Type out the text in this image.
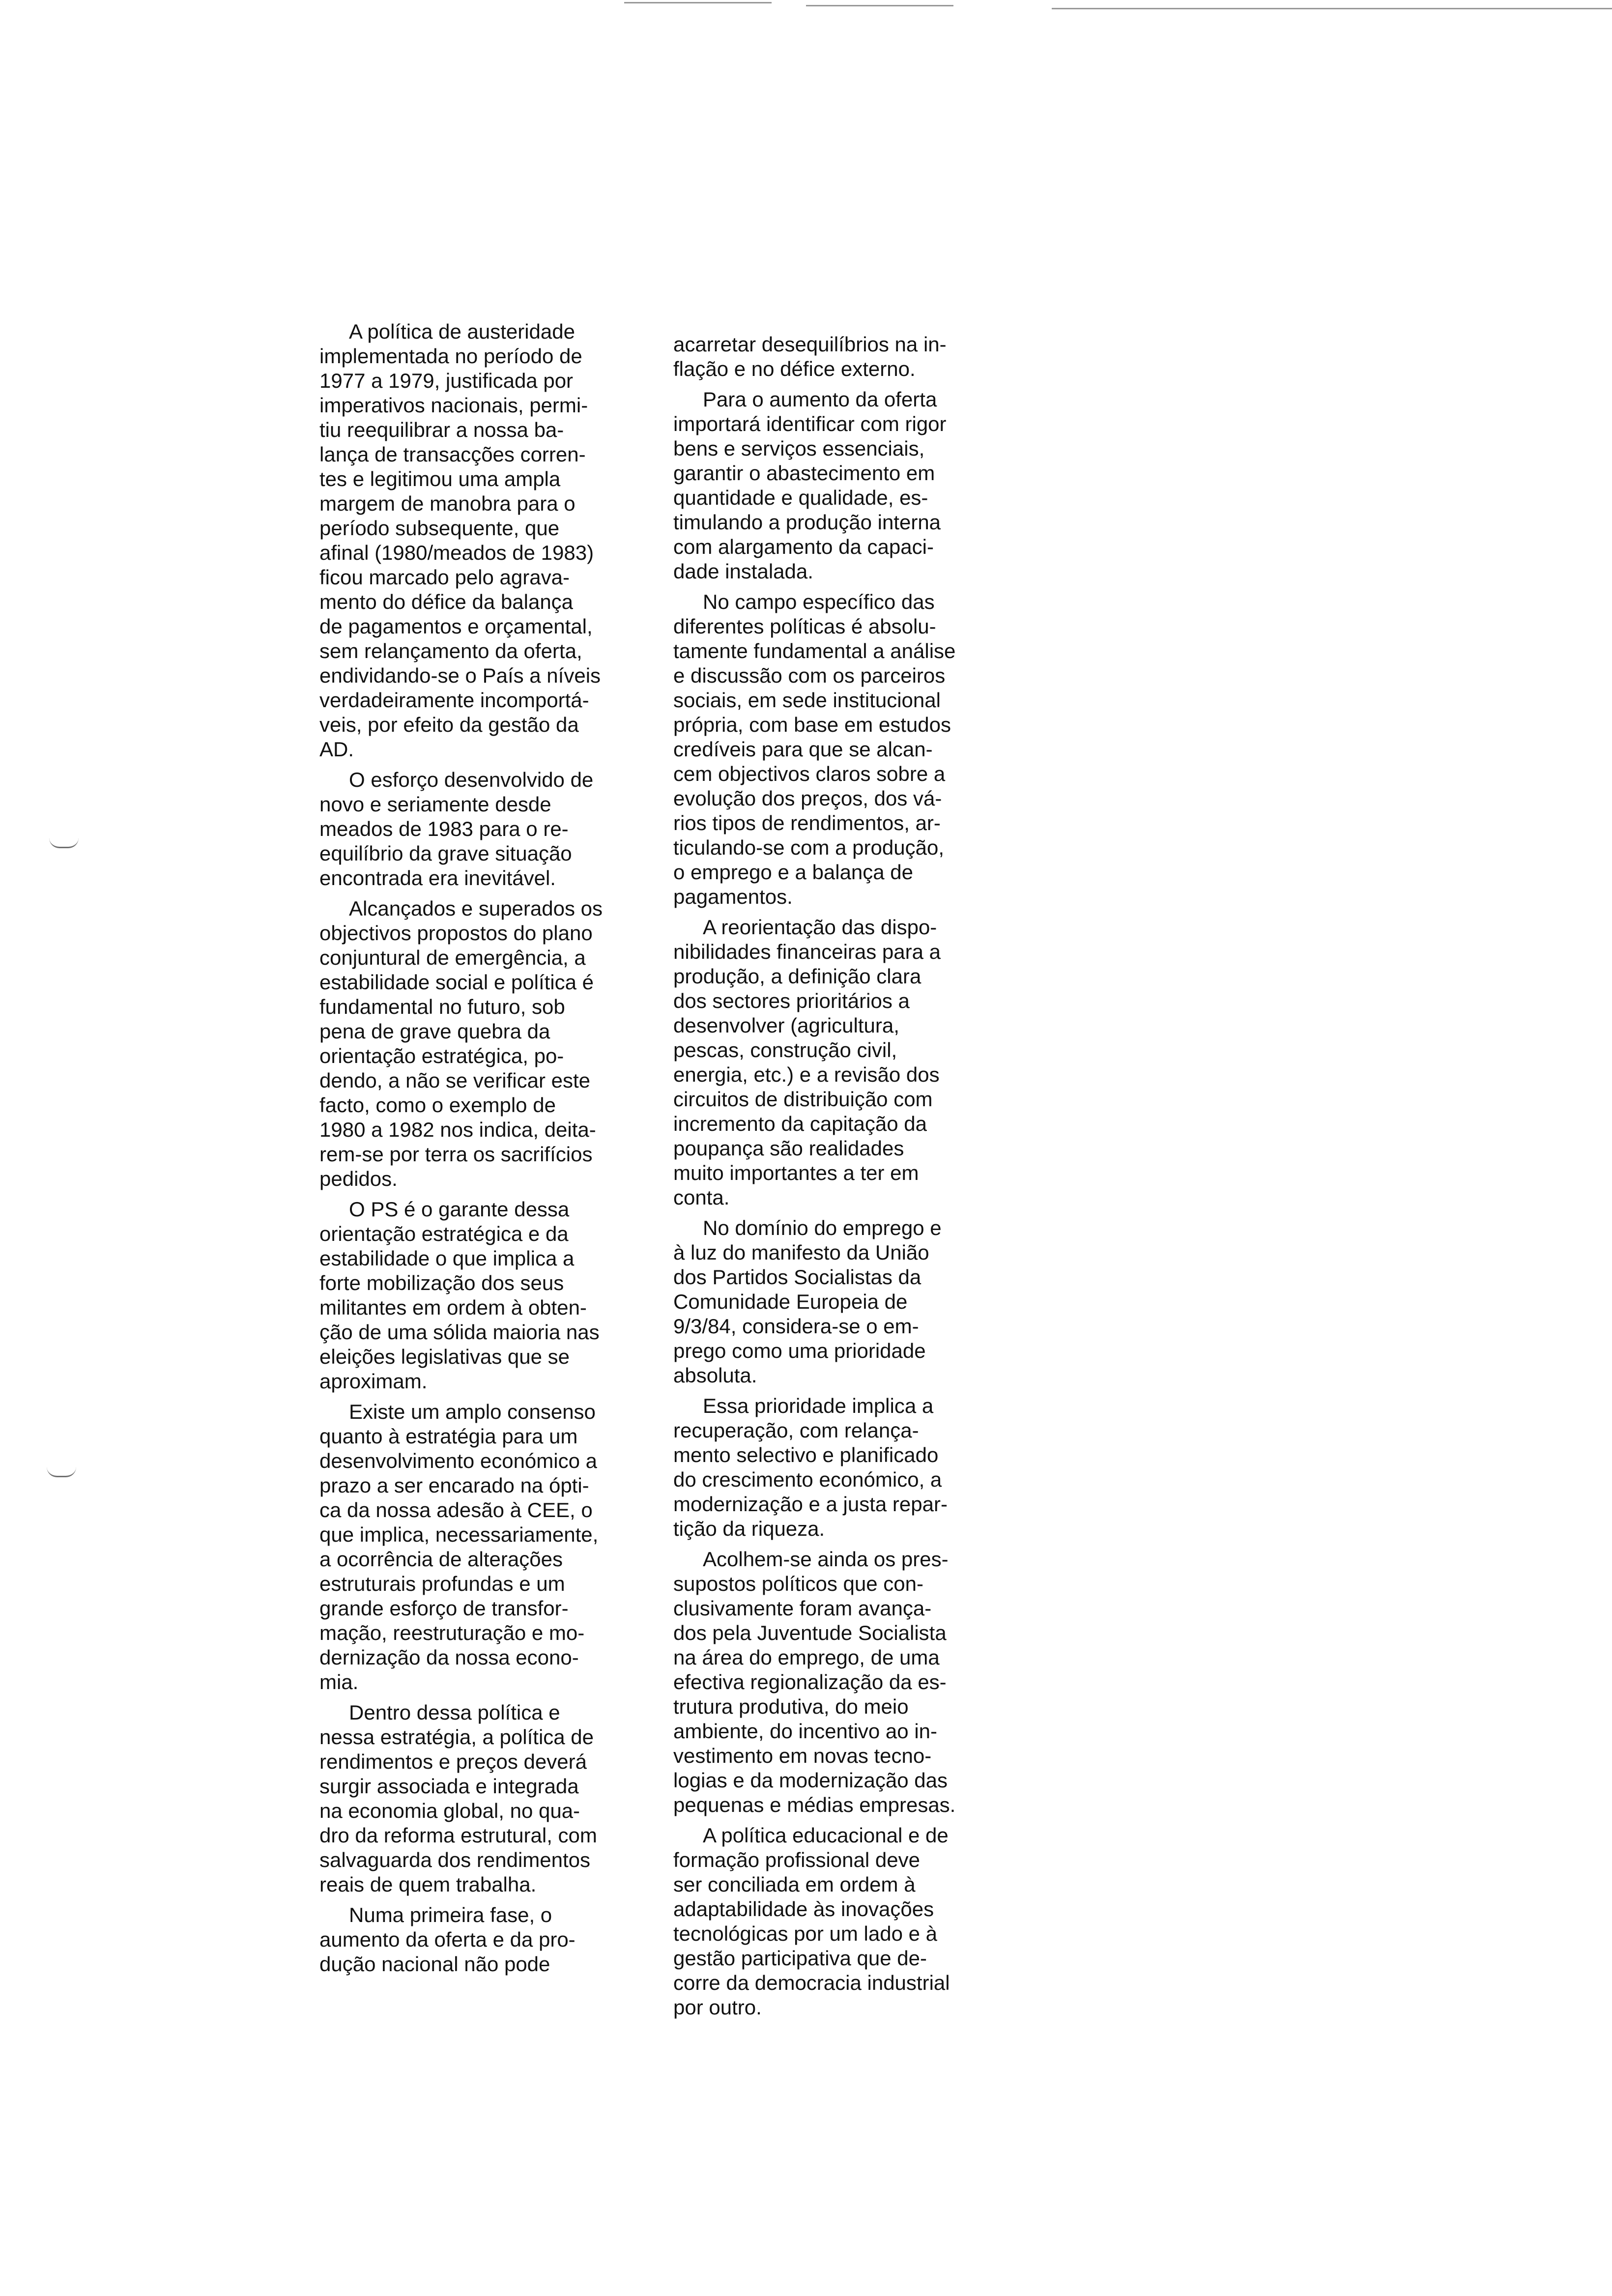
A política de austeridade
implementada no período de
1977 a 1979, justificada por
imperativos nacionais, permi-
tiu reequilibrar a nossa ba-
lança de transacções corren-
tes e legitimou uma ampla
margem de manobra para o
período subsequente, que
afinal (1980/meados de 1983)
ficou marcado pelo agrava-
mento do défice da balança
de pagamentos e orçamental,
sem relançamento da oferta,
endividando-se o País a níveis
verdadeiramente incomportá-
veis, por efeito da gestão da
AD.

O esforço desenvolvido de
novo e seriamente desde
meados de 1983 para o re-
equilíbrio da grave situação
encontrada era inevitável.

Alcançados e superados os
objectivos propostos do plano
conjuntural de emergência, a
estabilidade social e política é
fundamental no futuro, sob
pena de grave quebra da
orientação estratégica, po-
dendo, a não se verificar este
facto, como o exemplo de
1980 a 1982 nos indica, deita-
rem-se por terra os sacrifícios
pedidos.

O PS é o garante dessa
orientação estratégica e da
estabilidade o que implica a
forte mobilização dos seus
militantes em ordem à obten-
ção de uma sólida maioria nas
eleições legislativas que se
aproximam.

Existe um amplo consenso
quanto à estratégia para um
desenvolvimento económico a
prazo a ser encarado na ópti-
ca da nossa adesão à CEE, o
que implica, necessariamente,
a ocorrência de alterações
estruturais profundas e um
grande esforço de transfor-
mação, reestruturação e mo-
dernização da nossa econo-
mia.

Dentro dessa política e
nessa estratégia, a política de
rendimentos e preços deverá
surgir associada e integrada
na economia global, no qua-
dro da reforma estrutural, com
salvaguarda dos rendimentos
reais de quem trabalha.

Numa primeira fase, o
aumento da oferta e da pro-
dução nacional não pode

acarretar desequilíbrios na in-
flação e no défice externo.

Para o aumento da oferta
importará identificar com rigor
bens e serviços essenciais,
garantir o abastecimento em
quantidade e qualidade, es-
timulando a produção interna
com alargamento da capaci-
dade instalada.

No campo específico das
diferentes políticas é absolu-
tamente fundamental a análise
e discussão com os parceiros
sociais, em sede institucional
própria, com base em estudos
credíveis para que se alcan-
cem objectivos claros sobre a
evolução dos preços, dos vá-
rios tipos de rendimentos, ar-
ticulando-se com a produção,
o emprego e a balança de
pagamentos.

A reorientação das dispo-
nibilidades financeiras para a
produção, a definição clara
dos sectores prioritários a
desenvolver (agricultura,
pescas, construção civil,
energia, etc.) e a revisão dos
circuitos de distribuição com
incremento da capitação da
poupança são realidades
muito importantes a ter em
conta.

No domínio do emprego e
à luz do manifesto da União
dos Partidos Socialistas da
Comunidade Europeia de
9/3/84, considera-se o em-
prego como uma prioridade
absoluta.

Essa prioridade implica a
recuperação, com relança-
mento selectivo e planificado
do crescimento económico, a
modernização e a justa repar-
tição da riqueza.

Acolhem-se ainda os pres-
supostos políticos que con-
clusivamente foram avança-
dos pela Juventude Socialista
na área do emprego, de uma
efectiva regionalização da es-
trutura produtiva, do meio
ambiente, do incentivo ao in-
vestimento em novas tecno-
logias e da modernização das
pequenas e médias empresas.

A política educacional e de
formação profissional deve
ser conciliada em ordem à
adaptabilidade às inovações
tecnológicas por um lado e à
gestão participativa que de-
corre da democracia industrial
por outro.
